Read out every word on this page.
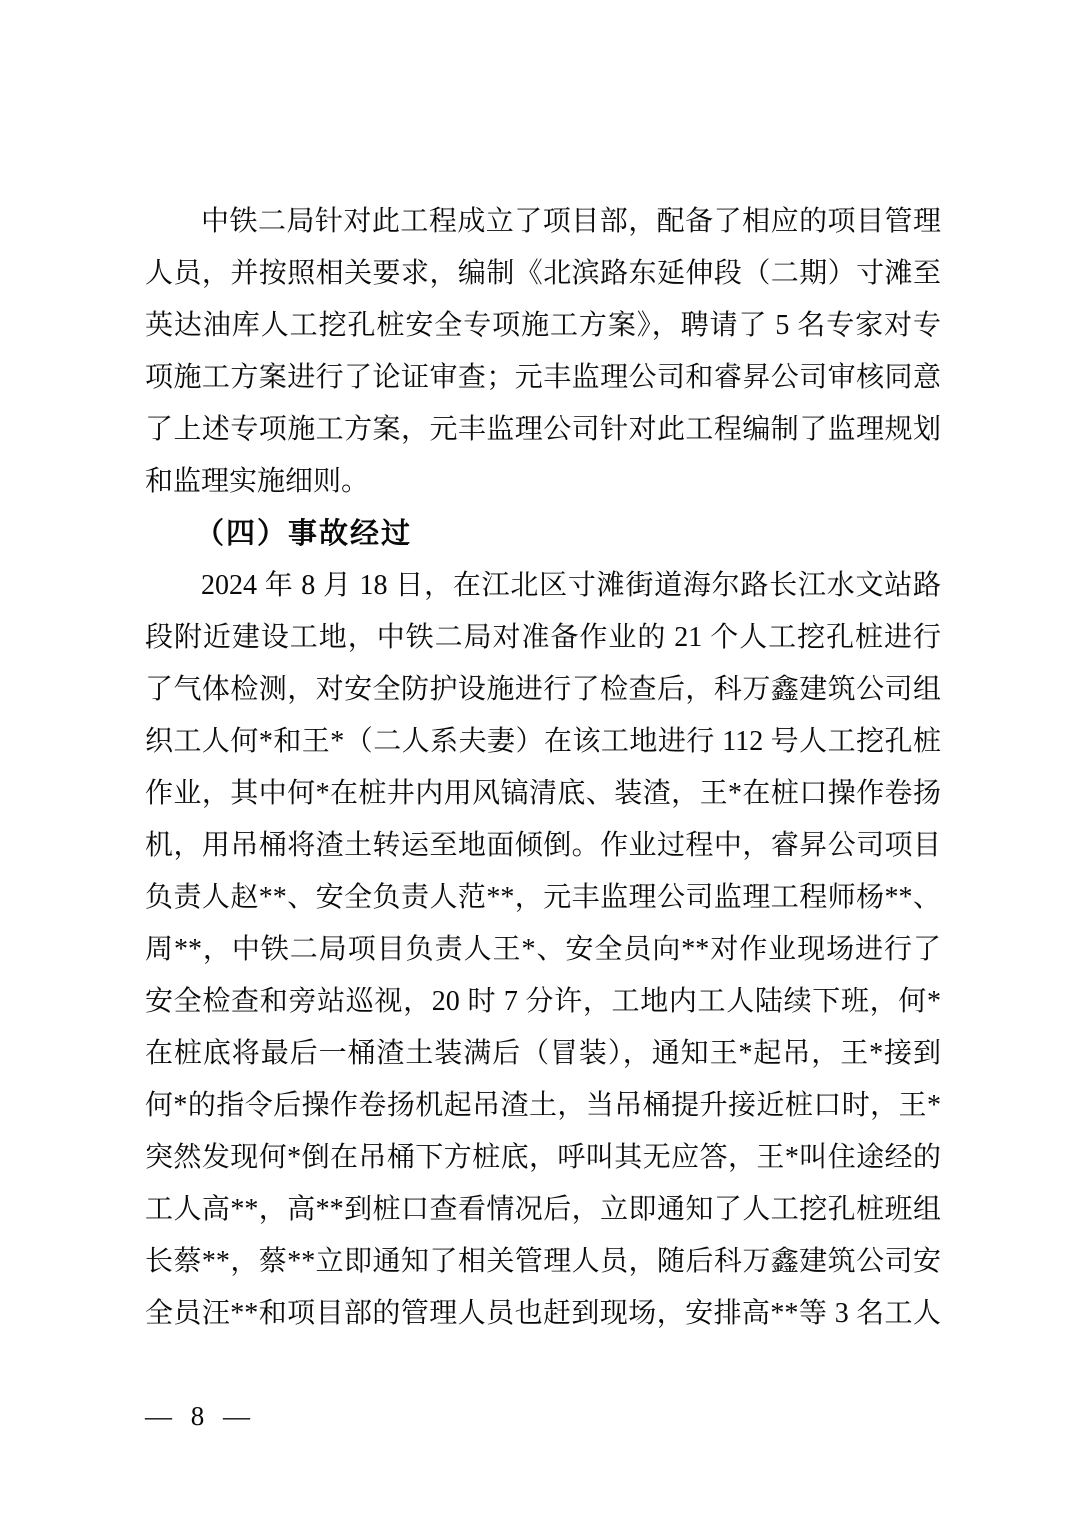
中铁二局针对此工程成立了项目部，配备了相应的项目管理
人员，并按照相关要求，编制《北滨路东延伸段（二期）寸滩至
英达油库人工挖孔桩安全专项施工方案》，聘请了 5 名专家对专
项施工方案进行了论证审查；元丰监理公司和睿昇公司审核同意
了上述专项施工方案，元丰监理公司针对此工程编制了监理规划
和监理实施细则。
（四）事故经过
2024 年 8 月 18 日，在江北区寸滩街道海尔路长江水文站路
段附近建设工地，中铁二局对准备作业的 21 个人工挖孔桩进行
了气体检测，对安全防护设施进行了检查后，科万鑫建筑公司组
织工人何*和王*（二人系夫妻）在该工地进行 112 号人工挖孔桩
作业，其中何*在桩井内用风镐清底、装渣，王*在桩口操作卷扬
机，用吊桶将渣土转运至地面倾倒。作业过程中，睿昇公司项目
负责人赵**、安全负责人范**，元丰监理公司监理工程师杨**、
周**，中铁二局项目负责人王*、安全员向**对作业现场进行了
安全检查和旁站巡视，20 时 7 分许，工地内工人陆续下班，何*
在桩底将最后一桶渣土装满后（冒装），通知王*起吊，王*接到
何*的指令后操作卷扬机起吊渣土，当吊桶提升接近桩口时，王*
突然发现何*倒在吊桶下方桩底，呼叫其无应答，王*叫住途经的
工人高**，高**到桩口查看情况后，立即通知了人工挖孔桩班组
长蔡**，蔡**立即通知了相关管理人员，随后科万鑫建筑公司安
全员汪**和项目部的管理人员也赶到现场，安排高**等 3 名工人
— 8 —
